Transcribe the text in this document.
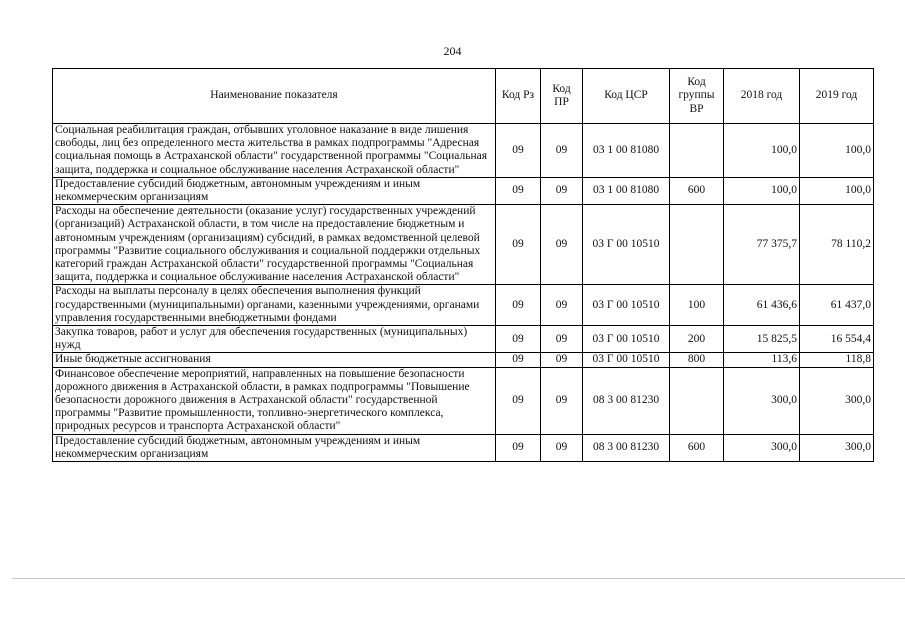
204
Наименование показателя	Код Рз	Код ПР	Код ЦСР	Код группы ВР	2018 год	2019 год
Социальная реабилитация граждан, отбывших уголовное наказание в виде лишения свободы, лиц без определенного места жительства в рамках подпрограммы "Адресная социальная помощь в Астраханской области" государственной программы "Социальная защита, поддержка и социальное обслуживание населения Астраханской области"	09	09	03 1 00 81080		100,0	100,0
Предоставление субсидий бюджетным, автономным учреждениям и иным некоммерческим организациям	09	09	03 1 00 81080	600	100,0	100,0
Расходы на обеспечение деятельности (оказание услуг) государственных учреждений (организаций) Астраханской области, в том числе на предоставление бюджетным и автономным учреждениям (организациям) субсидий, в рамках ведомственной целевой программы "Развитие социального обслуживания и социальной поддержки отдельных категорий граждан Астраханской области" государственной программы "Социальная защита, поддержка и социальное обслуживание населения Астраханской области"	09	09	03 Г 00 10510		77 375,7	78 110,2
Расходы на выплаты персоналу в целях обеспечения выполнения функций государственными (муниципальными) органами, казенными учреждениями, органами управления государственными внебюджетными фондами	09	09	03 Г 00 10510	100	61 436,6	61 437,0
Закупка товаров, работ и услуг для обеспечения государственных (муниципальных) нужд	09	09	03 Г 00 10510	200	15 825,5	16 554,4
Иные бюджетные ассигнования	09	09	03 Г 00 10510	800	113,6	118,8
Финансовое обеспечение мероприятий, направленных на повышение безопасности дорожного движения в Астраханской области, в рамках подпрограммы "Повышение безопасности дорожного движения в Астраханской области" государственной программы "Развитие промышленности, топливно-энергетического комплекса, природных ресурсов и транспорта Астраханской области"	09	09	08 3 00 81230		300,0	300,0
Предоставление субсидий бюджетным, автономным учреждениям и иным некоммерческим организациям	09	09	08 3 00 81230	600	300,0	300,0
